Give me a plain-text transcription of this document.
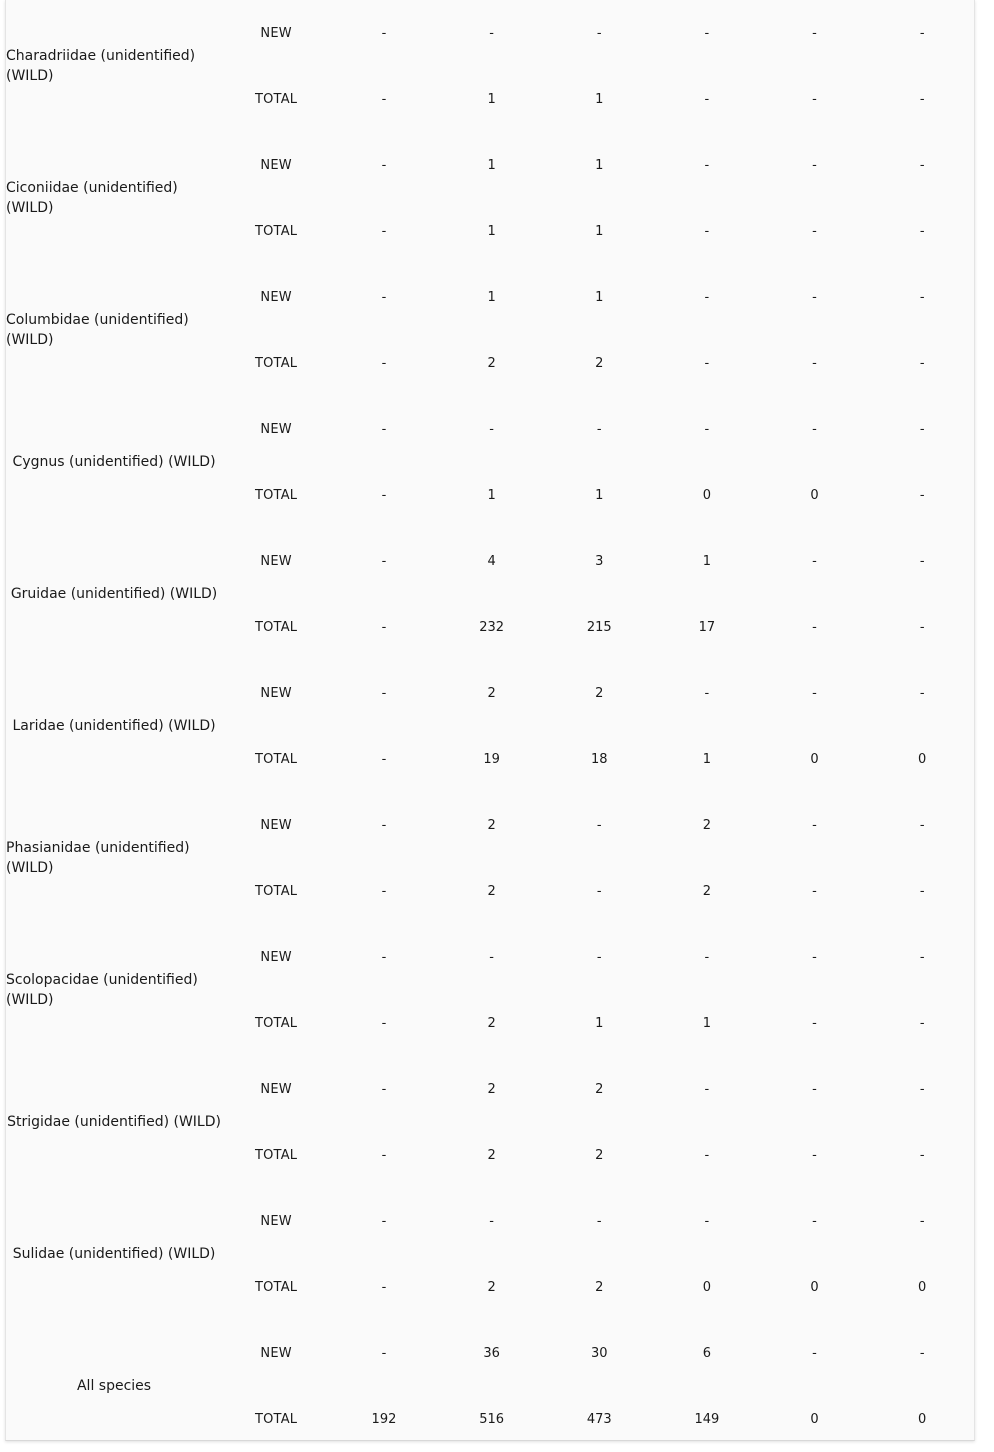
Charadriidae (unidentified) (WILD)	NEW	-	-	-	-	-	-
	TOTAL	-	1	1	-	-	-
Ciconiidae (unidentified) (WILD)	NEW	-	1	1	-	-	-
	TOTAL	-	1	1	-	-	-
Columbidae (unidentified) (WILD)	NEW	-	1	1	-	-	-
	TOTAL	-	2	2	-	-	-
Cygnus (unidentified) (WILD)	NEW	-	-	-	-	-	-
	TOTAL	-	1	1	0	0	-
Gruidae (unidentified) (WILD)	NEW	-	4	3	1	-	-
	TOTAL	-	232	215	17	-	-
Laridae (unidentified) (WILD)	NEW	-	2	2	-	-	-
	TOTAL	-	19	18	1	0	0
Phasianidae (unidentified) (WILD)	NEW	-	2	-	2	-	-
	TOTAL	-	2	-	2	-	-
Scolopacidae (unidentified) (WILD)	NEW	-	-	-	-	-	-
	TOTAL	-	2	1	1	-	-
Strigidae (unidentified) (WILD)	NEW	-	2	2	-	-	-
	TOTAL	-	2	2	-	-	-
Sulidae (unidentified) (WILD)	NEW	-	-	-	-	-	-
	TOTAL	-	2	2	0	0	0
All species	NEW	-	36	30	6	-	-
	TOTAL	192	516	473	149	0	0
